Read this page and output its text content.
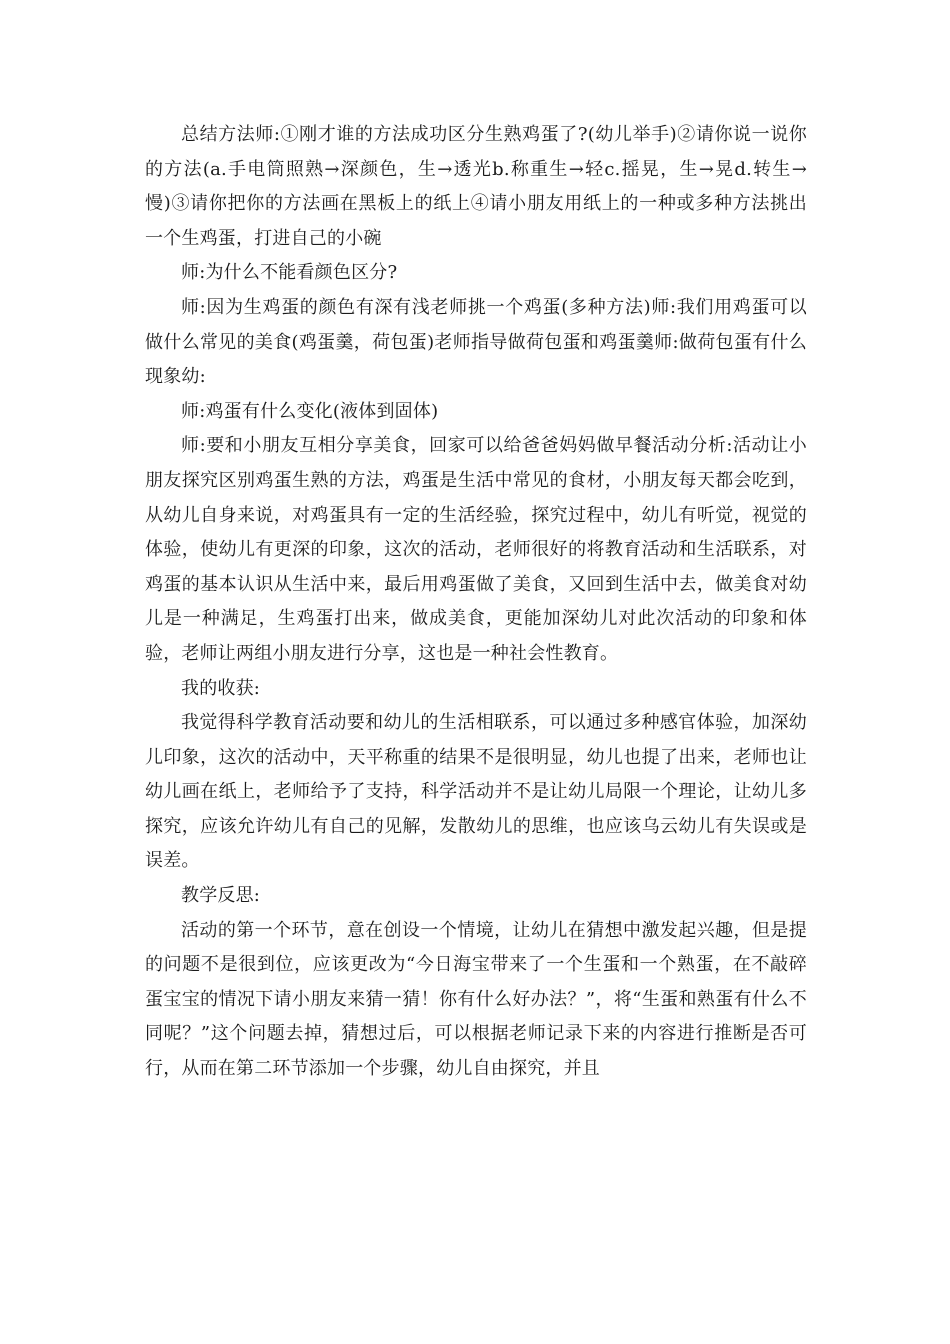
总结方法师:①刚才谁的方法成功区分生熟鸡蛋了?(幼儿举手)②请你说一说你的方法(a.手电筒照熟→深颜色，生→透光b.称重生→轻c.摇晃，生→晃d.转生→慢)③请你把你的方法画在黑板上的纸上④请小朋友用纸上的一种或多种方法挑出一个生鸡蛋，打进自己的小碗

师:为什么不能看颜色区分?

师:因为生鸡蛋的颜色有深有浅老师挑一个鸡蛋(多种方法)师:我们用鸡蛋可以做什么常见的美食(鸡蛋羹，荷包蛋)老师指导做荷包蛋和鸡蛋羹师:做荷包蛋有什么现象幼:

师:鸡蛋有什么变化(液体到固体)

师:要和小朋友互相分享美食，回家可以给爸爸妈妈做早餐活动分析:活动让小朋友探究区别鸡蛋生熟的方法，鸡蛋是生活中常见的食材，小朋友每天都会吃到，从幼儿自身来说，对鸡蛋具有一定的生活经验，探究过程中，幼儿有听觉，视觉的体验，使幼儿有更深的印象，这次的活动，老师很好的将教育活动和生活联系，对鸡蛋的基本认识从生活中来，最后用鸡蛋做了美食，又回到生活中去，做美食对幼儿是一种满足，生鸡蛋打出来，做成美食，更能加深幼儿对此次活动的印象和体验，老师让两组小朋友进行分享，这也是一种社会性教育。

我的收获:

我觉得科学教育活动要和幼儿的生活相联系，可以通过多种感官体验，加深幼儿印象，这次的活动中，天平称重的结果不是很明显，幼儿也提了出来，老师也让幼儿画在纸上，老师给予了支持，科学活动并不是让幼儿局限一个理论，让幼儿多探究，应该允许幼儿有自己的见解，发散幼儿的思维，也应该乌云幼儿有失误或是误差。

教学反思:

活动的第一个环节，意在创设一个情境，让幼儿在猜想中激发起兴趣，但是提的问题不是很到位，应该更改为“今日海宝带来了一个生蛋和一个熟蛋，在不敲碎蛋宝宝的情况下请小朋友来猜一猜！你有什么好办法？”，将“生蛋和熟蛋有什么不同呢？”这个问题去掉，猜想过后，可以根据老师记录下来的内容进行推断是否可行，从而在第二环节添加一个步骤，幼儿自由探究，并且
